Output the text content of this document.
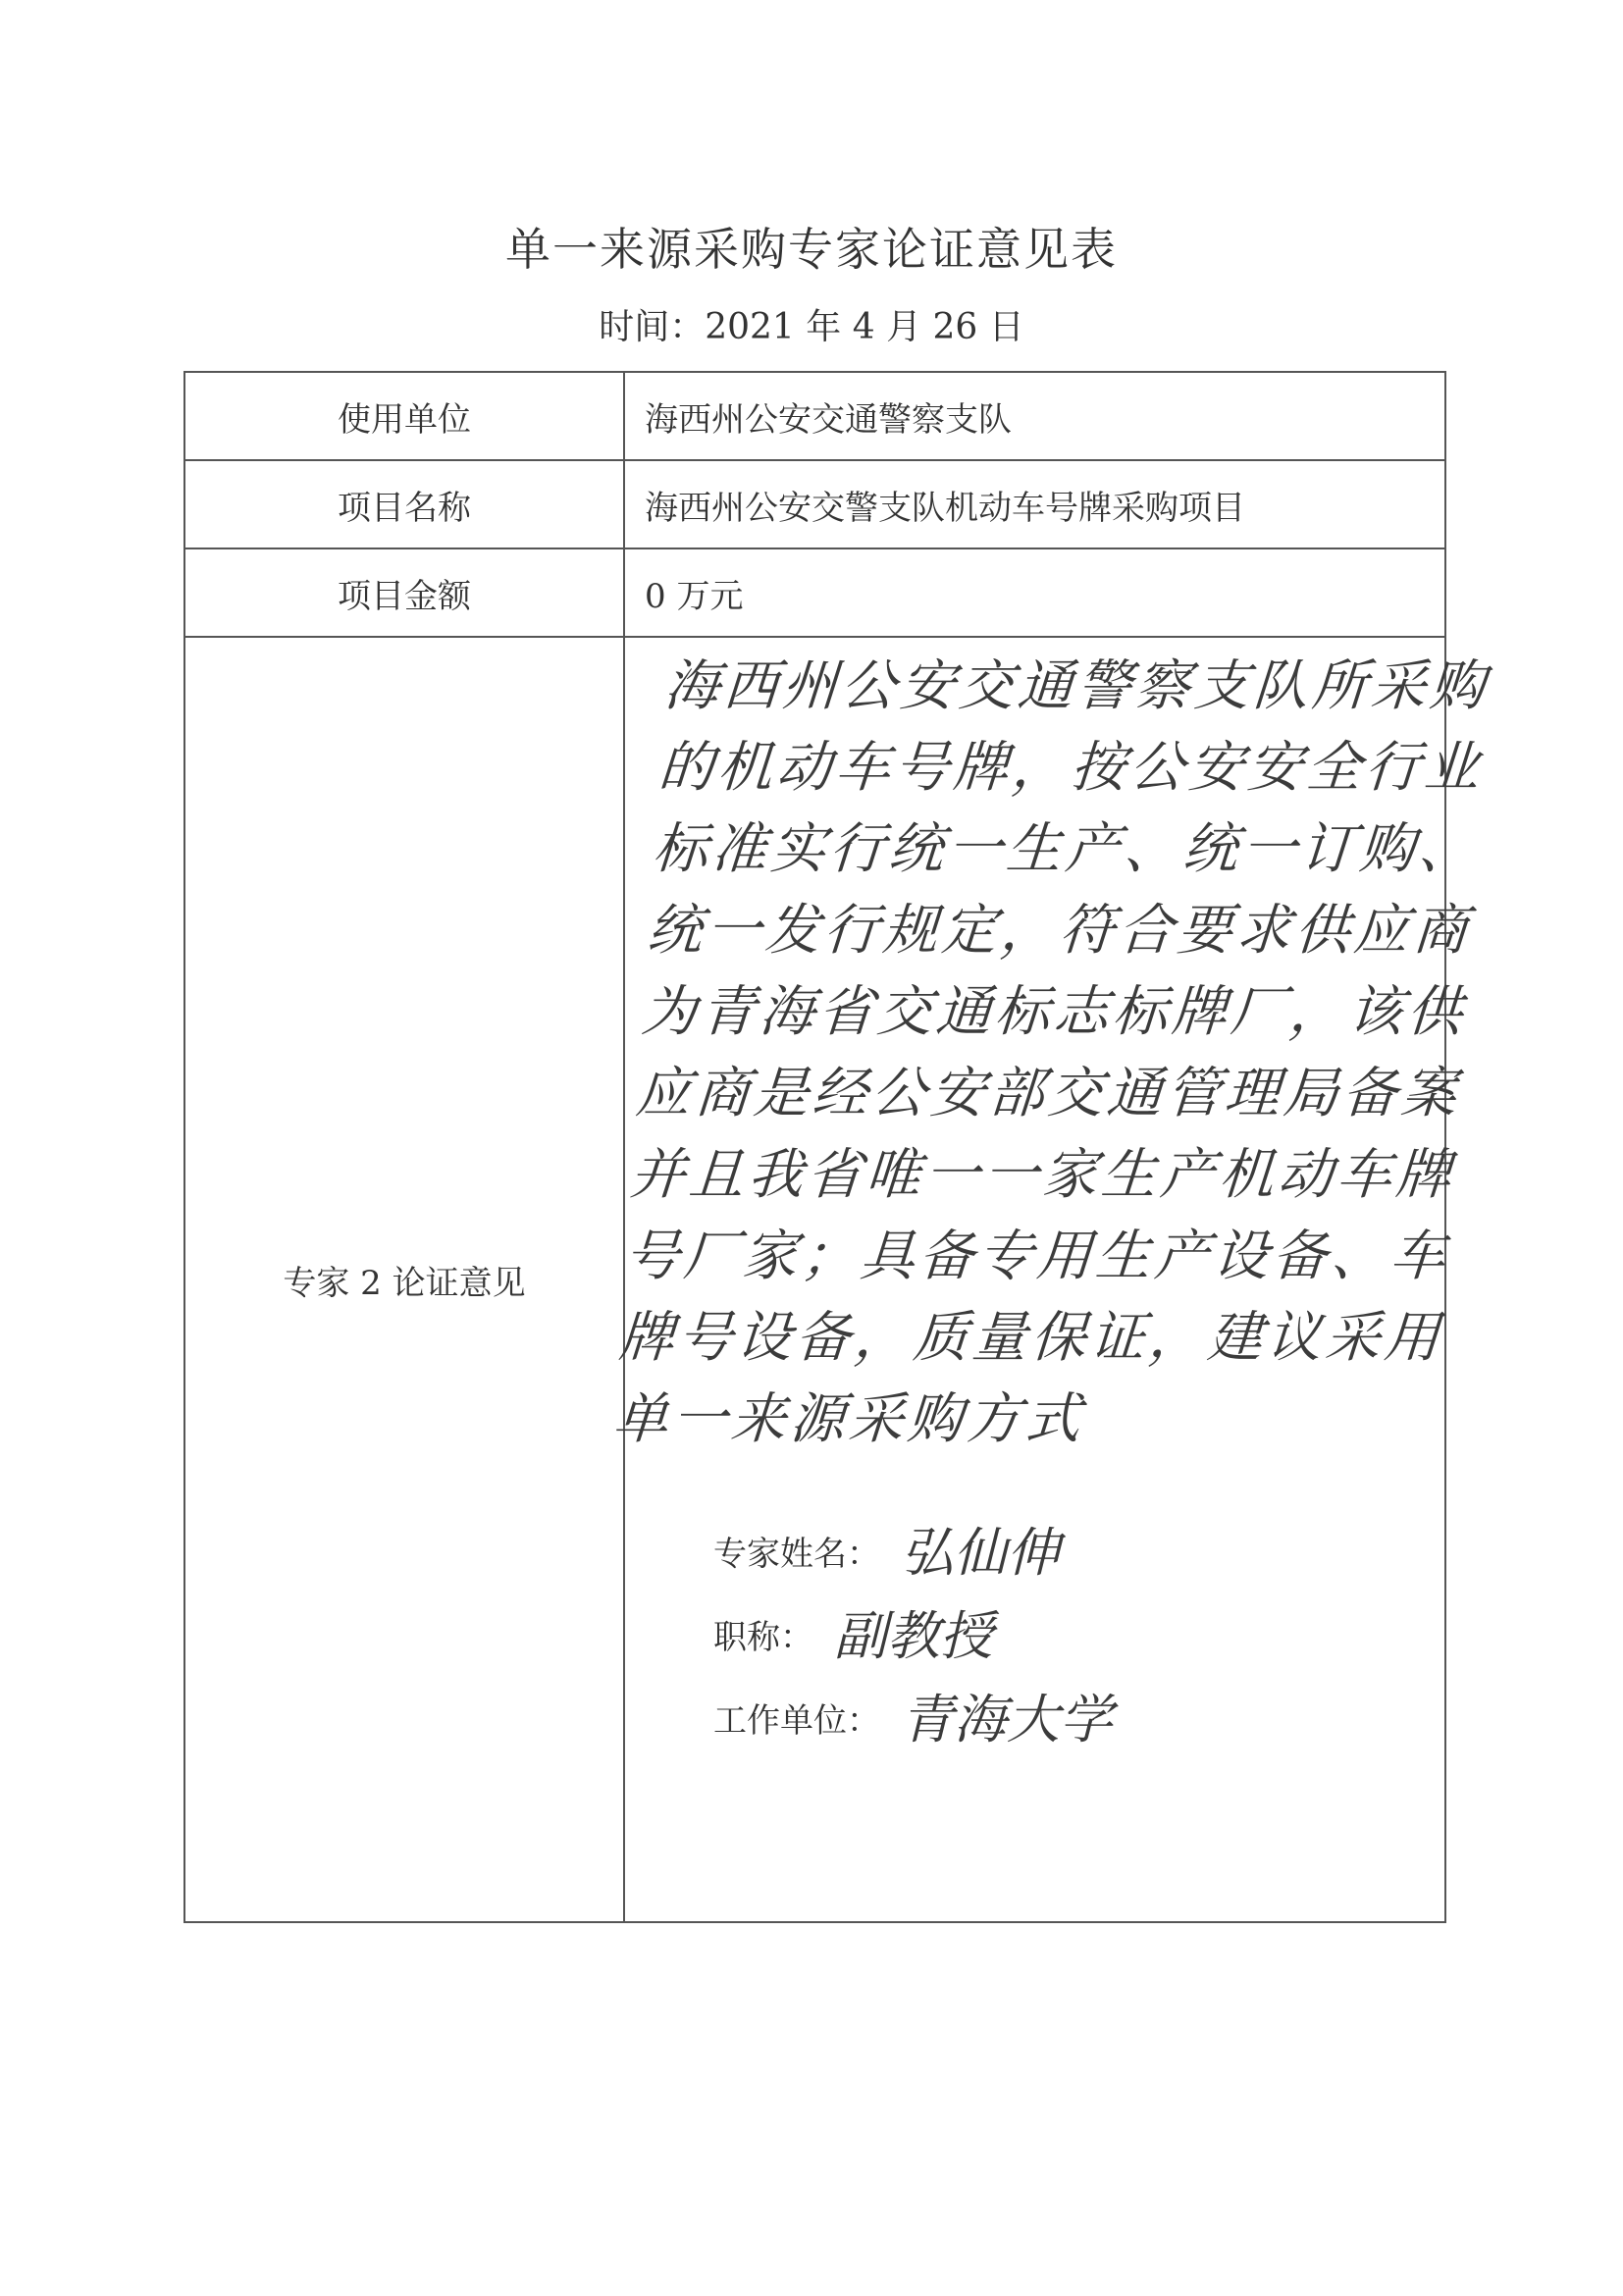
单一来源采购专家论证意见表
时间：2021 年 4 月 26 日
使用单位	海西州公安交通警察支队
项目名称	海西州公安交警支队机动车号牌采购项目
项目金额	0 万元
专家 2 论证意见	海西州公安交通警察支队所采购的机动车号牌，按公安安全行业标准实行统一生产、统一订购、统一发行规定，符合要求供应商为青海省交通标志标牌厂，该供应商是经公安部交通管理局备案并且我省唯一一家生产机动车牌号厂家；具备专用生产设备、车牌号设备，质量保证，建议采用单一来源采购方式
专家姓名： 弘仙伸
职称： 副教授
工作单位： 青海大学
